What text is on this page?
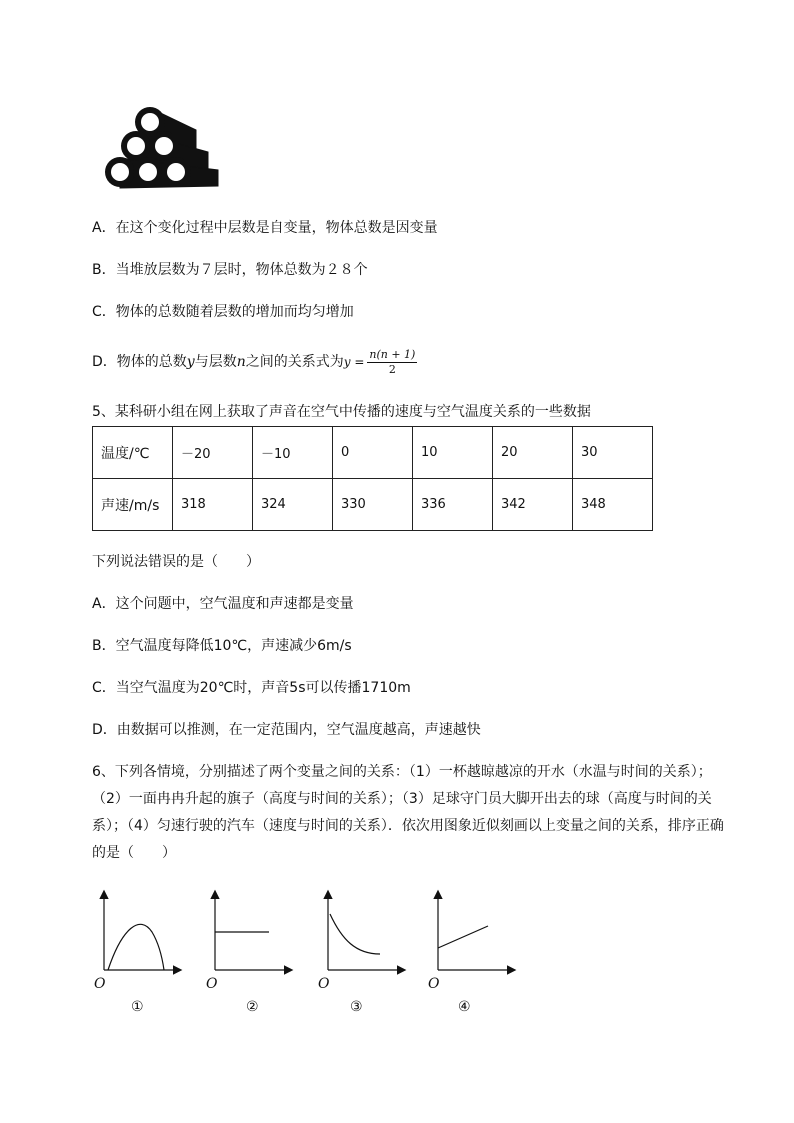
A．在这个变化过程中层数是自变量，物体总数是因变量
B．当堆放层数为７层时，物体总数为２８个
C．物体的总数随着层数的增加而均匀增加
D．物体的总数y与层数n之间的关系式为$y = \frac{n(n + 1)}{2}$
5、某科研小组在网上获取了声音在空气中传播的速度与空气温度关系的一些数据
温度/℃	－20	－10	0	10	20	30
声速/m/s	318	324	330	336	342	348
下列说法错误的是（　　）
A．这个问题中，空气温度和声速都是变量
B．空气温度每降低10℃，声速减少6m/s
C．当空气温度为20℃时，声音5s可以传播1710m
D．由数据可以推测，在一定范围内，空气温度越高，声速越快
6、下列各情境，分别描述了两个变量之间的关系：（1）一杯越晾越凉的开水（水温与时间的关系）；（2）一面冉冉升起的旗子（高度与时间的关系）；（3）足球守门员大脚开出去的球（高度与时间的关系）；（4）匀速行驶的汽车（速度与时间的关系）．依次用图象近似刻画以上变量之间的关系，排序正确的是（　　）
O
①
O
②
O
③
O
④
